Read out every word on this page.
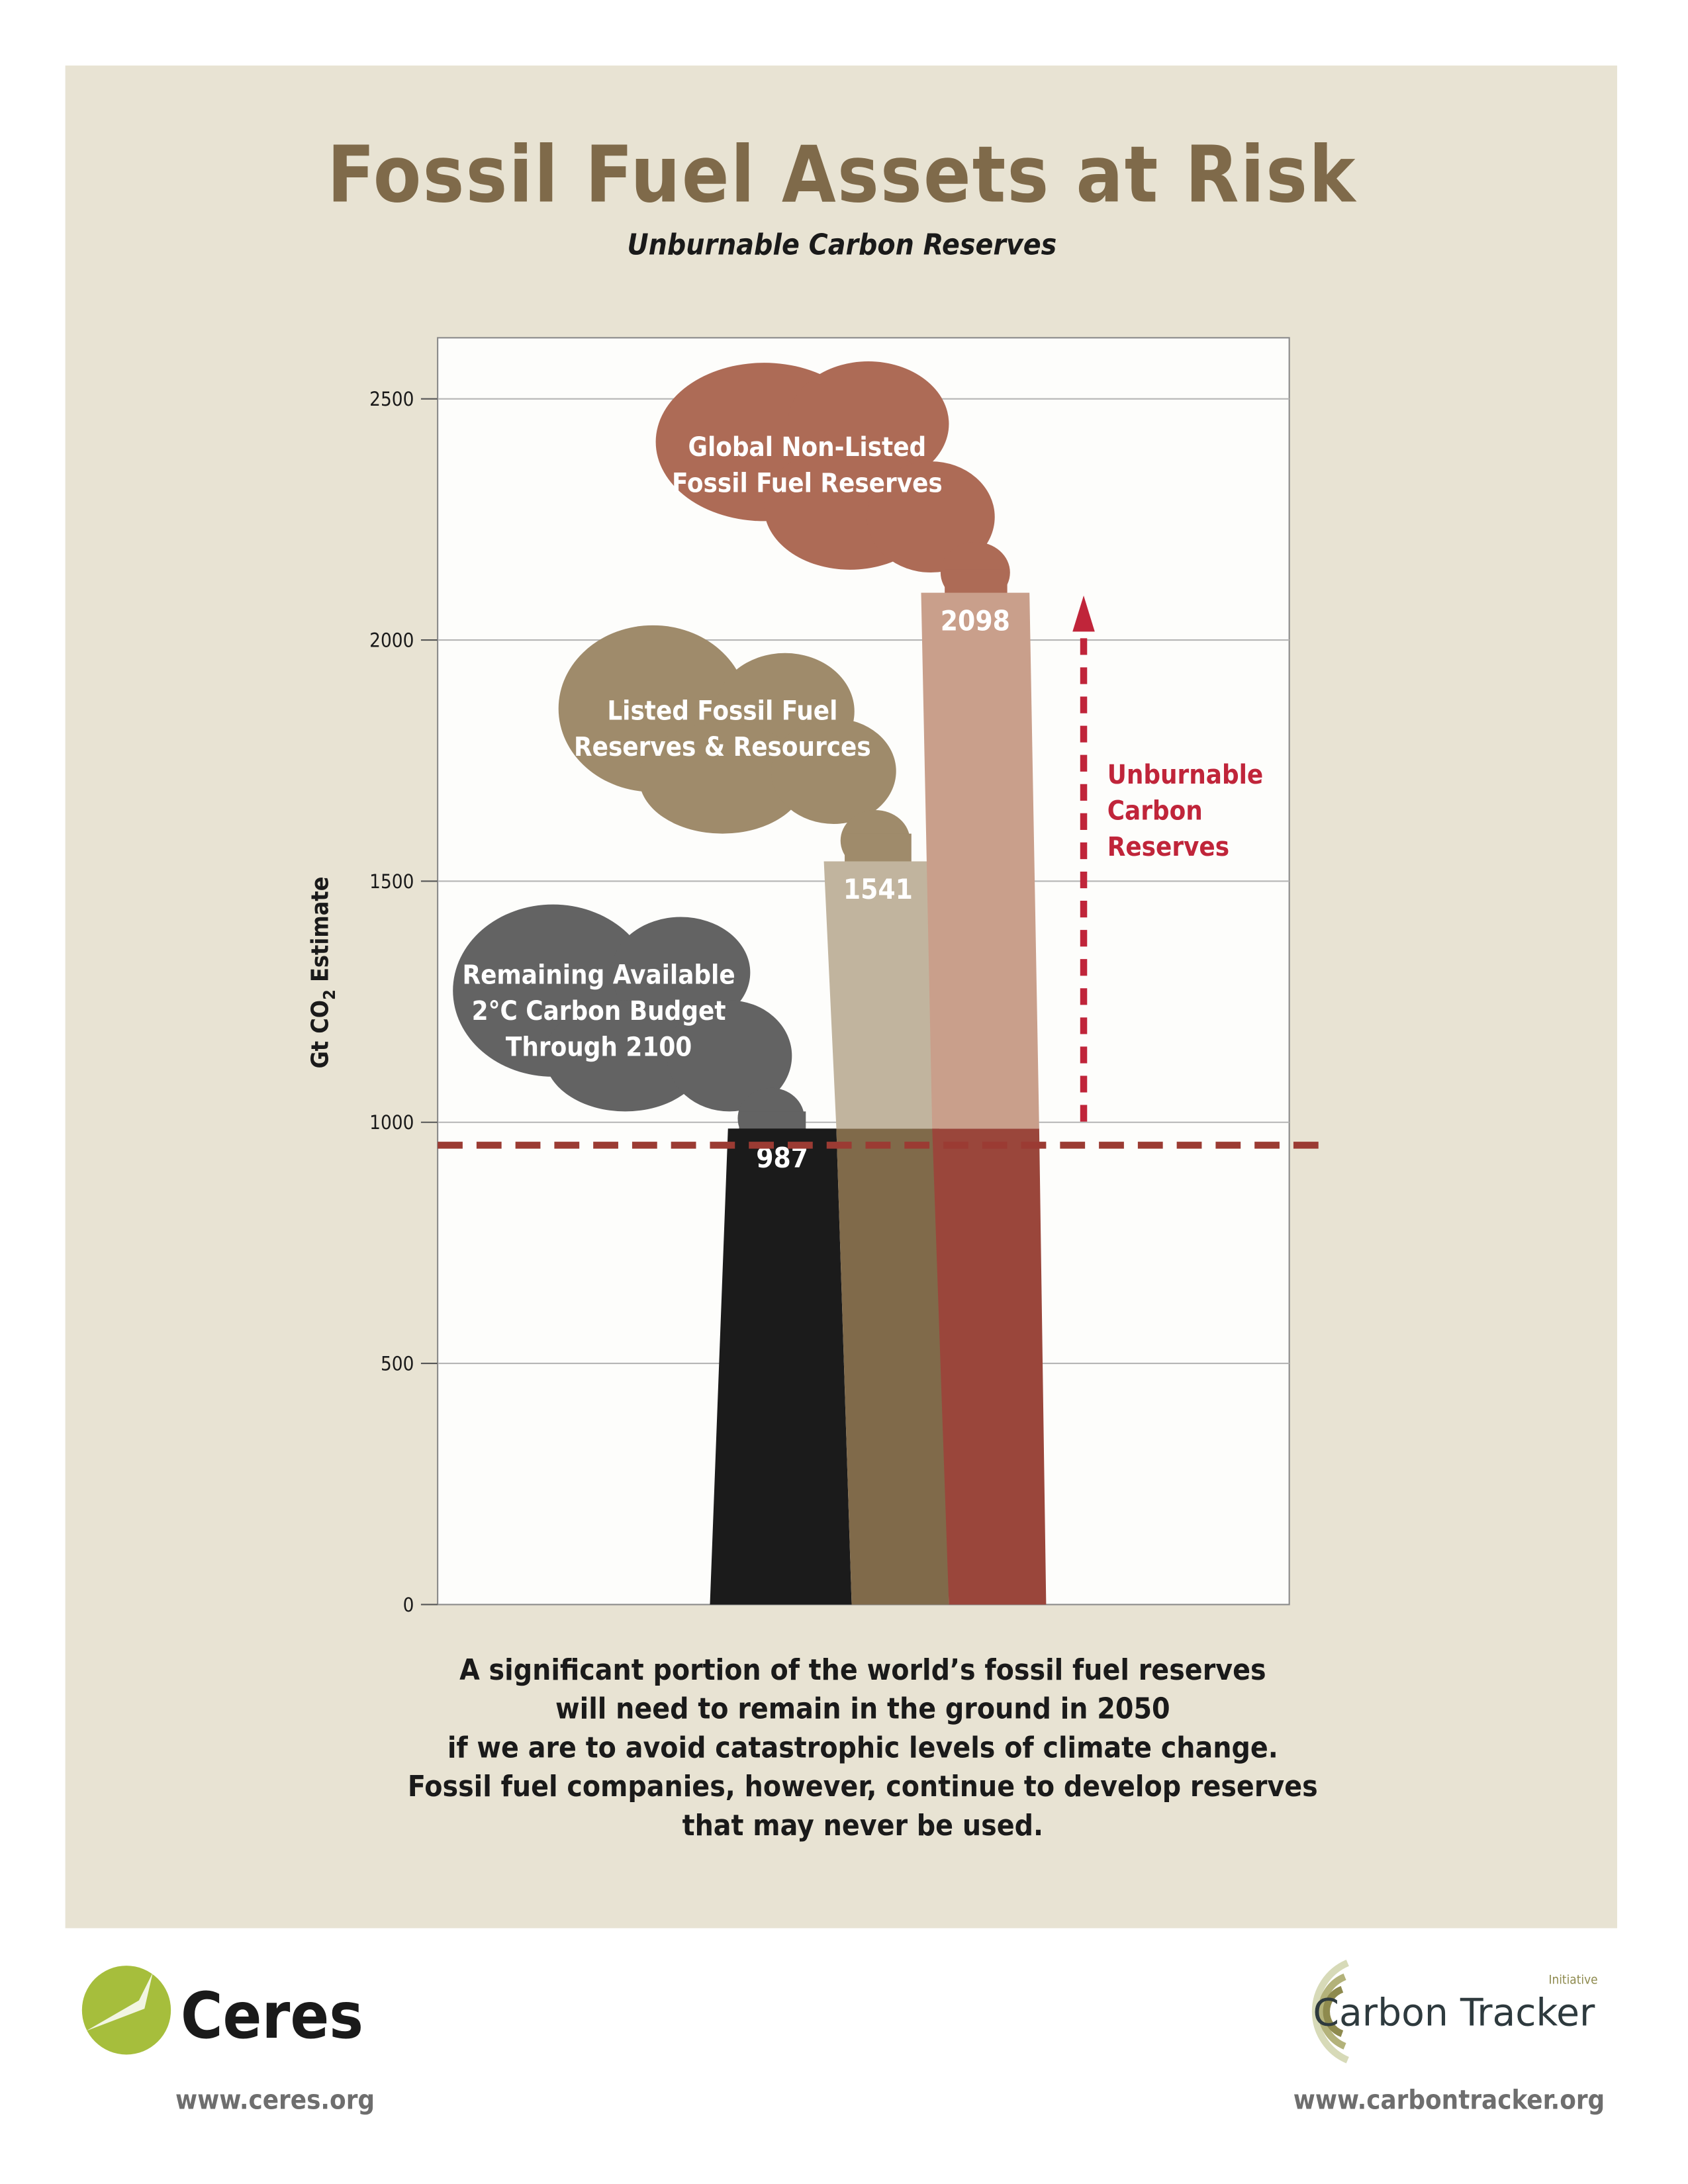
Fossil Fuel Assets at Risk
Unburnable Carbon Reserves
0
500
1000
1500
2000
2500
Gt $CO_2$ Estimate
Global Non-Listed
Fossil Fuel Reserves
Listed Fossil Fuel
Reserves & Resources
Remaining Available
2°C Carbon Budget
Through 2100
987
1541
2098
Unburnable
Carbon
Reserves
A significant portion of the world’s fossil fuel reserves
will need to remain in the ground in 2050
if we are to avoid catastrophic levels of climate change.
Fossil fuel companies, however, continue to develop reserves
that may never be used.
Ceres
www.ceres.org
Carbon Tracker
Initiative
www.carbontracker.org
